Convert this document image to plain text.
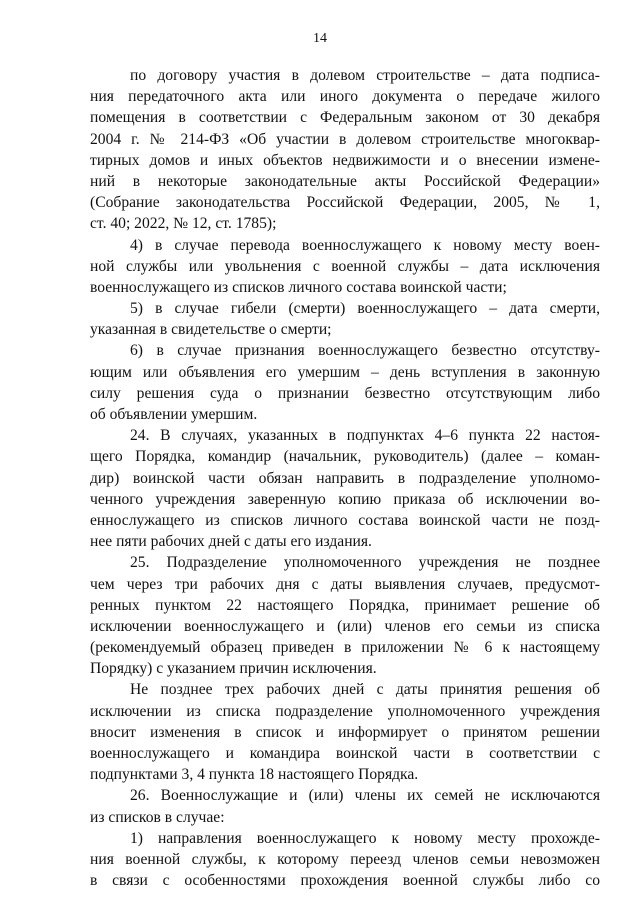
14

по договору участия в долевом строительстве – дата подписа-
ния передаточного акта или иного документа о передаче жилого
помещения в соответствии с Федеральным законом от 30 декабря
2004 г. № 214-ФЗ «Об участии в долевом строительстве многоквар-
тирных домов и иных объектов недвижимости и о внесении измене-
ний в некоторые законодательные акты Российской Федерации»
(Собрание законодательства Российской Федерации, 2005, № 1,
ст. 40; 2022, № 12, ст. 1785);

4) в случае перевода военнослужащего к новому месту воен-
ной службы или увольнения с военной службы – дата исключения
военнослужащего из списков личного состава воинской части;

5) в случае гибели (смерти) военнослужащего – дата смерти,
указанная в свидетельстве о смерти;

6) в случае признания военнослужащего безвестно отсутству-
ющим или объявления его умершим – день вступления в законную
силу решения суда о признании безвестно отсутствующим либо
об объявлении умершим.

24. В случаях, указанных в подпунктах 4–6 пункта 22 настоя-
щего Порядка, командир (начальник, руководитель) (далее – коман-
дир) воинской части обязан направить в подразделение уполномо-
ченного учреждения заверенную копию приказа об исключении во-
еннослужащего из списков личного состава воинской части не позд-
нее пяти рабочих дней с даты его издания.

25. Подразделение уполномоченного учреждения не позднее
чем через три рабочих дня с даты выявления случаев, предусмот-
ренных пунктом 22 настоящего Порядка, принимает решение об
исключении военнослужащего и (или) членов его семьи из списка
(рекомендуемый образец приведен в приложении № 6 к настоящему
Порядку) с указанием причин исключения.

Не позднее трех рабочих дней с даты принятия решения об
исключении из списка подразделение уполномоченного учреждения
вносит изменения в список и информирует о принятом решении
военнослужащего и командира воинской части в соответствии с
подпунктами 3, 4 пункта 18 настоящего Порядка.

26. Военнослужащие и (или) члены их семей не исключаются
из списков в случае:

1) направления военнослужащего к новому месту прохожде-
ния военной службы, к которому переезд членов семьи невозможен
в связи с особенностями прохождения военной службы либо со
